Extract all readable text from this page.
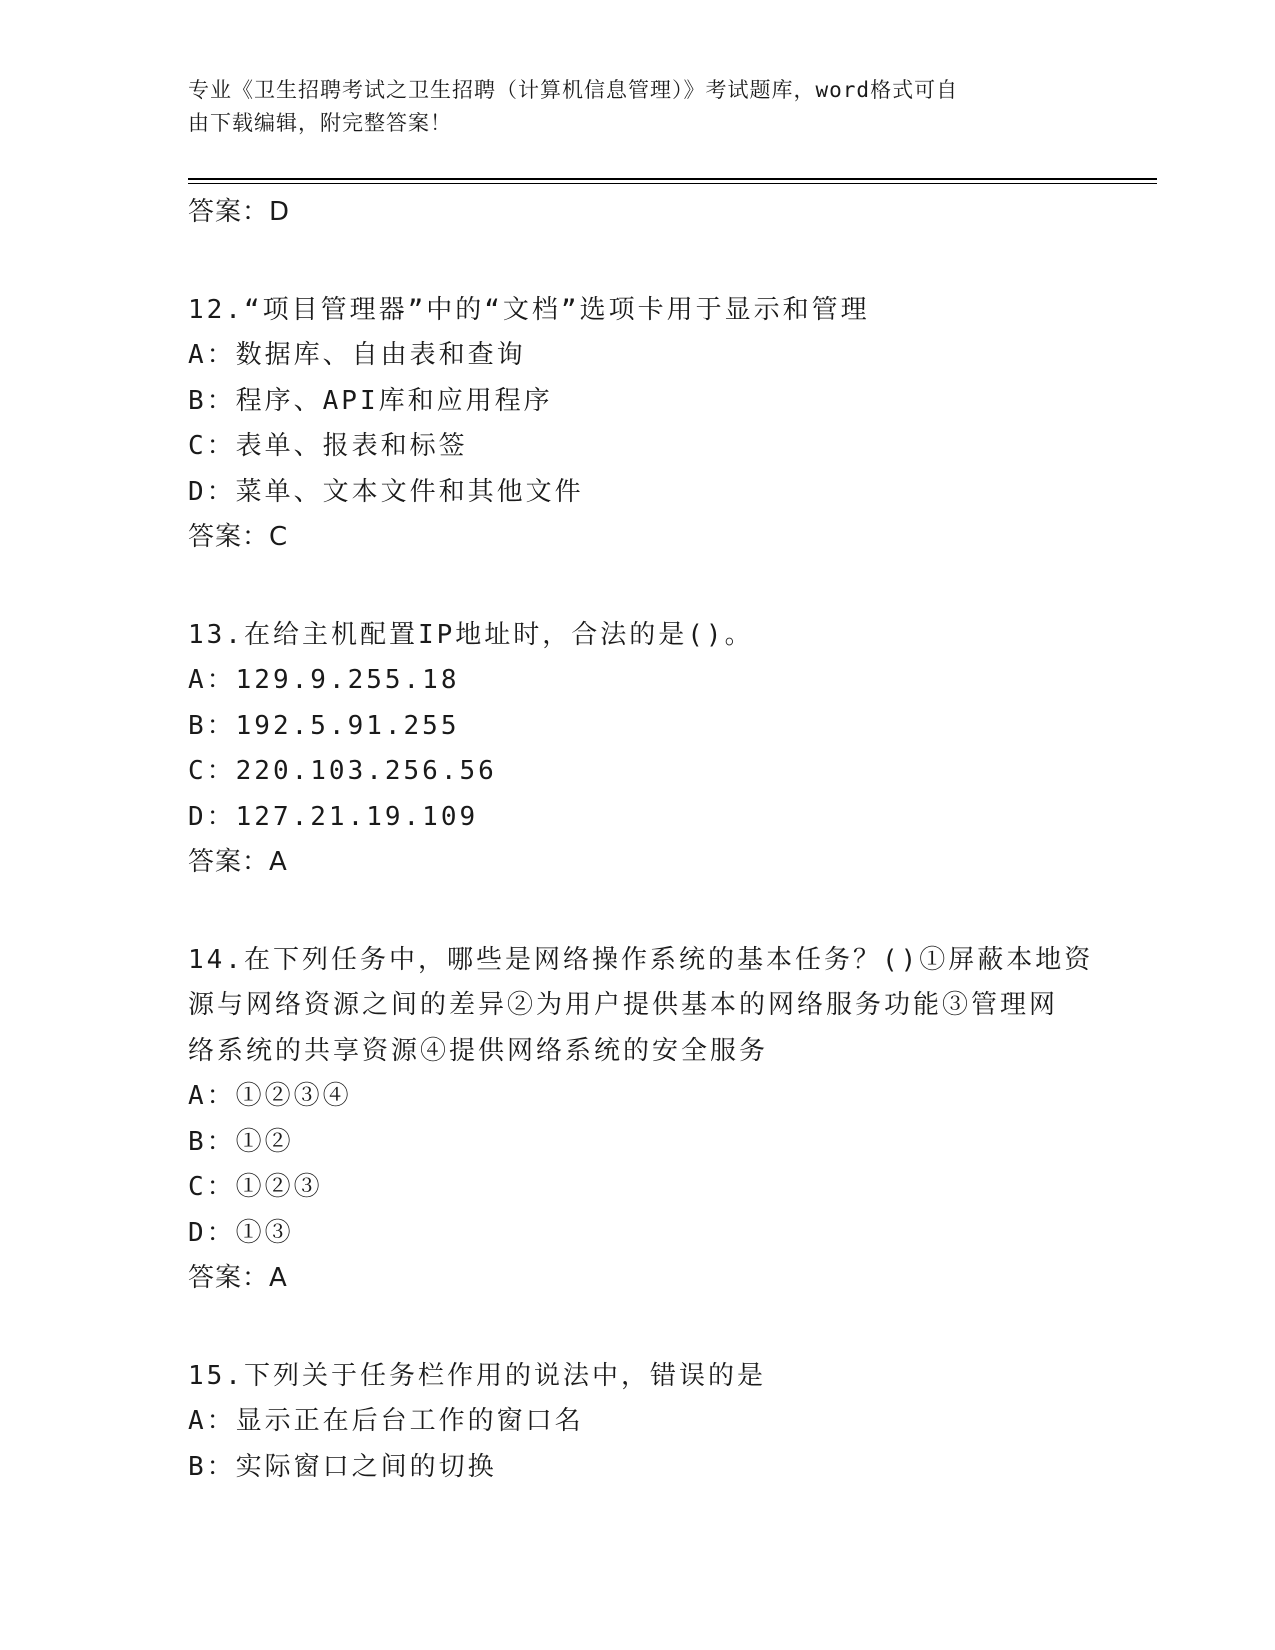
专业《卫生招聘考试之卫生招聘（计算机信息管理）》考试题库，word格式可自
由下载编辑，附完整答案！
答案：D
12.“项目管理器”中的“文档”选项卡用于显示和管理
A：数据库、自由表和查询
B：程序、API库和应用程序
C：表单、报表和标签
D：菜单、文本文件和其他文件
答案：C
13.在给主机配置IP地址时，合法的是()。
A：129.9.255.18
B：192.5.91.255
C：220.103.256.56
D：127.21.19.109
答案：A
14.在下列任务中，哪些是网络操作系统的基本任务？()①屏蔽本地资
源与网络资源之间的差异②为用户提供基本的网络服务功能③管理网
络系统的共享资源④提供网络系统的安全服务
A：①②③④
B：①②
C：①②③
D：①③
答案：A
15.下列关于任务栏作用的说法中，错误的是
A：显示正在后台工作的窗口名
B：实际窗口之间的切换
